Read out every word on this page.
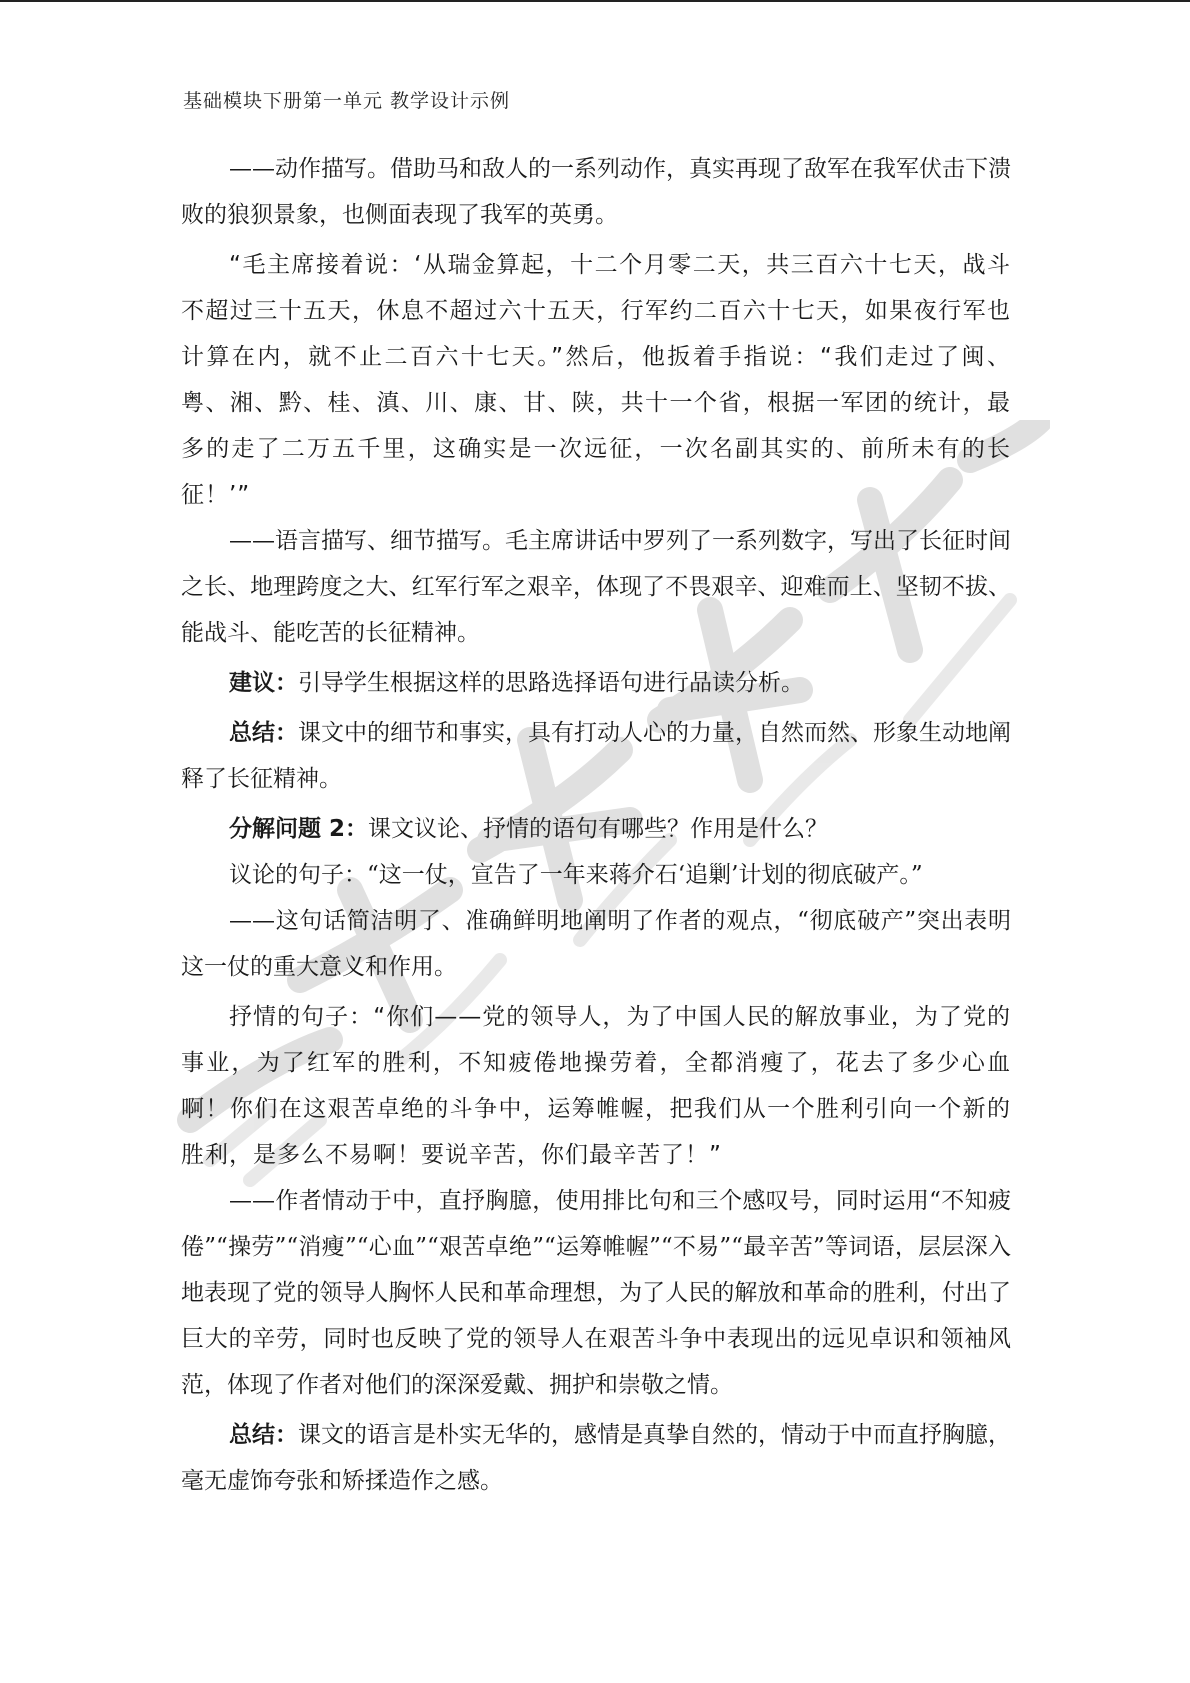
基础模块下册第一单元 教学设计示例

——动作描写。借助马和敌人的一系列动作，真实再现了敌军在我军伏击下溃败的狼狈景象，也侧面表现了我军的英勇。

“毛主席接着说：‘从瑞金算起，十二个月零二天，共三百六十七天，战斗不超过三十五天，休息不超过六十五天，行军约二百六十七天，如果夜行军也计算在内，就不止二百六十七天。”然后，他扳着手指说：“我们走过了闽、粤、湘、黔、桂、滇、川、康、甘、陕，共十一个省，根据一军团的统计，最多的走了二万五千里，这确实是一次远征，一次名副其实的、前所未有的长征！’”

——语言描写、细节描写。毛主席讲话中罗列了一系列数字，写出了长征时间之长、地理跨度之大、红军行军之艰辛，体现了不畏艰辛、迎难而上、坚韧不拔、能战斗、能吃苦的长征精神。

建议：引导学生根据这样的思路选择语句进行品读分析。

总结：课文中的细节和事实，具有打动人心的力量，自然而然、形象生动地阐释了长征精神。

分解问题 2：课文议论、抒情的语句有哪些？作用是什么？

议论的句子：“这一仗，宣告了一年来蒋介石‘追剿’计划的彻底破产。”

——这句话简洁明了、准确鲜明地阐明了作者的观点，“彻底破产”突出表明这一仗的重大意义和作用。

抒情的句子：“你们——党的领导人，为了中国人民的解放事业，为了党的事业，为了红军的胜利，不知疲倦地操劳着，全都消瘦了，花去了多少心血啊！你们在这艰苦卓绝的斗争中，运筹帷幄，把我们从一个胜利引向一个新的胜利，是多么不易啊！要说辛苦，你们最辛苦了！”

——作者情动于中，直抒胸臆，使用排比句和三个感叹号，同时运用“不知疲倦”“操劳”“消瘦”“心血”“艰苦卓绝”“运筹帷幄”“不易”“最辛苦”等词语，层层深入地表现了党的领导人胸怀人民和革命理想，为了人民的解放和革命的胜利，付出了巨大的辛劳，同时也反映了党的领导人在艰苦斗争中表现出的远见卓识和领袖风范，体现了作者对他们的深深爱戴、拥护和崇敬之情。

总结：课文的语言是朴实无华的，感情是真挚自然的，情动于中而直抒胸臆，毫无虚饰夸张和矫揉造作之感。
